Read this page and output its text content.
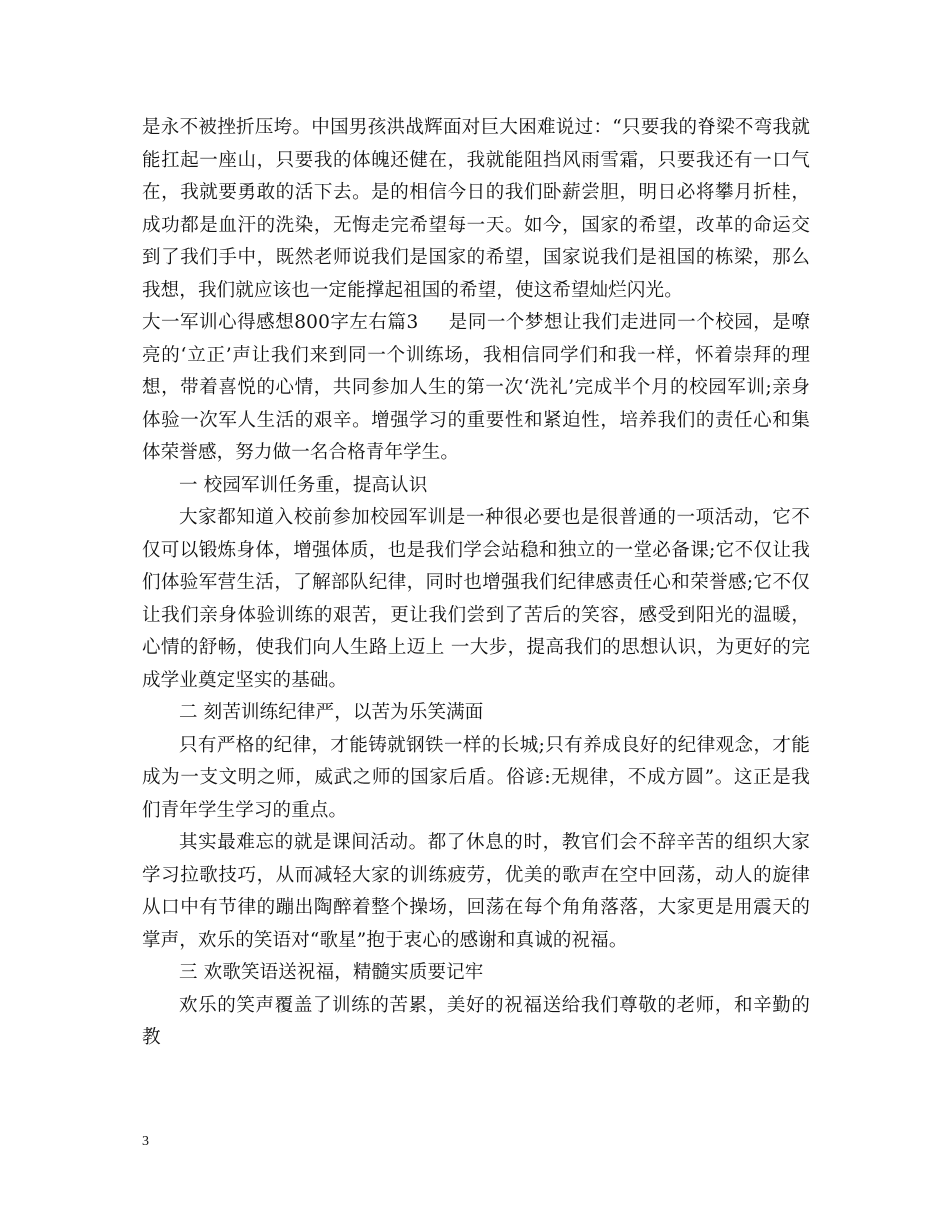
是永不被挫折压垮。中国男孩洪战辉面对巨大困难说过：“只要我的脊梁不弯我就能扛起一座山，只要我的体魄还健在，我就能阻挡风雨雪霜，只要我还有一口气在，我就要勇敢的活下去。是的相信今日的我们卧薪尝胆，明日必将攀月折桂，成功都是血汗的洗染，无悔走完希望每一天。如今，国家的希望，改革的命运交到了我们手中，既然老师说我们是国家的希望，国家说我们是祖国的栋梁，那么我想，我们就应该也一定能撑起祖国的希望，使这希望灿烂闪光。

大一军训心得感想800字左右篇3 是同一个梦想让我们走进同一个校园，是嘹亮的‘立正’声让我们来到同一个训练场，我相信同学们和我一样，怀着崇拜的理想，带着喜悦的心情，共同参加人生的第一次‘洗礼’完成半个月的校园军训;亲身体验一次军人生活的艰辛。增强学习的重要性和紧迫性，培养我们的责任心和集体荣誉感，努力做一名合格青年学生。

一 校园军训任务重，提高认识

大家都知道入校前参加校园军训是一种很必要也是很普通的一项活动，它不仅可以锻炼身体，增强体质，也是我们学会站稳和独立的一堂必备课;它不仅让我们体验军营生活，了解部队纪律，同时也增强我们纪律感责任心和荣誉感;它不仅让我们亲身体验训练的艰苦，更让我们尝到了苦后的笑容，感受到阳光的温暖，心情的舒畅，使我们向人生路上迈上 一大步，提高我们的思想认识，为更好的完成学业奠定坚实的基础。

二 刻苦训练纪律严，以苦为乐笑满面

只有严格的纪律，才能铸就钢铁一样的长城;只有养成良好的纪律观念，才能成为一支文明之师，威武之师的国家后盾。俗谚:无规律，不成方圆”。这正是我们青年学生学习的重点。

其实最难忘的就是课间活动。都了休息的时，教官们会不辞辛苦的组织大家学习拉歌技巧，从而减轻大家的训练疲劳，优美的歌声在空中回荡，动人的旋律从口中有节律的蹦出陶醉着整个操场，回荡在每个角角落落，大家更是用震天的掌声，欢乐的笑语对“歌星”抱于衷心的感谢和真诚的祝福。

三 欢歌笑语送祝福，精髓实质要记牢

欢乐的笑声覆盖了训练的苦累，美好的祝福送给我们尊敬的老师，和辛勤的教

3
